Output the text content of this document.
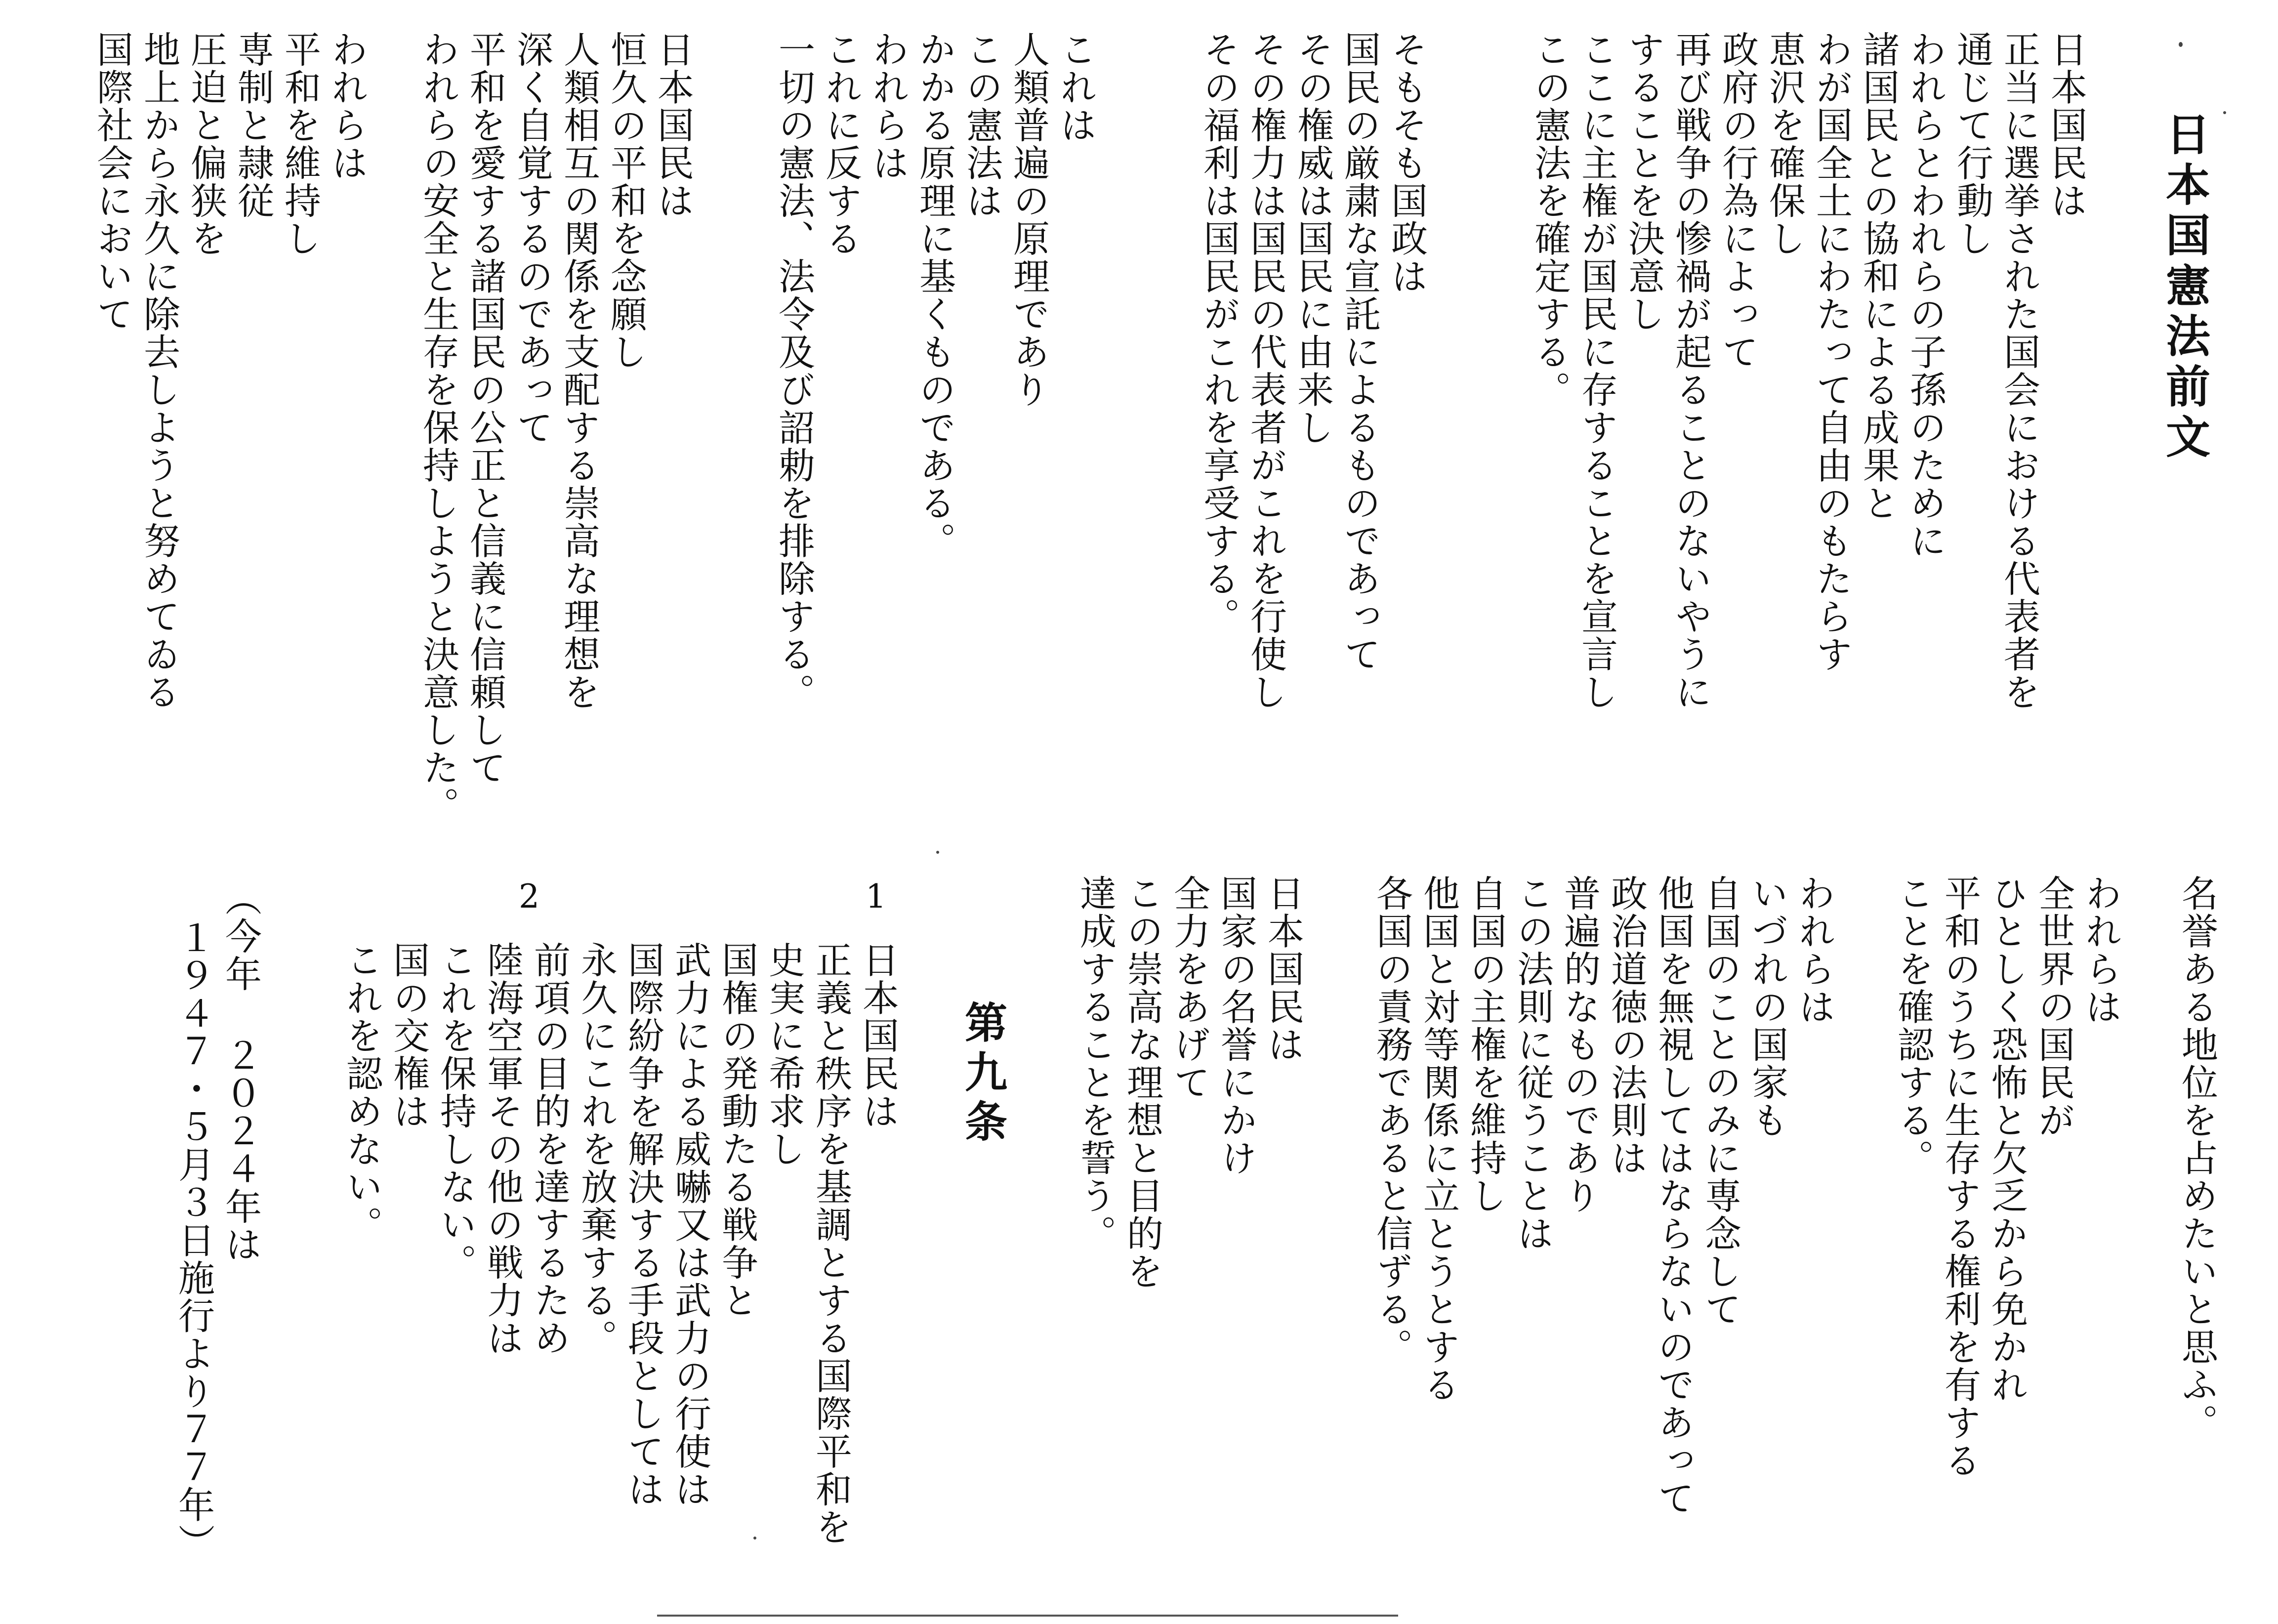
日本国憲法前文
日本国民は
正当に選挙された国会における代表者を
通じて行動し
われらとわれらの子孫のために
諸国民との協和による成果と
わが国全土にわたって自由のもたらす
恵沢を確保し
政府の行為によって
再び戦争の惨禍が起ることのないやうに
することを決意し
ここに主権が国民に存することを宣言し
この憲法を確定する。
そもそも国政は
国民の厳粛な宣託によるものであって
その権威は国民に由来し
その権力は国民の代表者がこれを行使し
その福利は国民がこれを享受する。
これは
人類普遍の原理であり
この憲法は
かかる原理に基くものである。
われらは
これに反する
一切の憲法、法令及び詔勅を排除する。
日本国民は
恒久の平和を念願し
人類相互の関係を支配する崇高な理想を
深く自覚するのであって
平和を愛する諸国民の公正と信義に信頼して
われらの安全と生存を保持しようと決意した。
われらは
平和を維持し
専制と隷従
圧迫と偏狭を
地上から永久に除去しようと努めてゐる
国際社会において
名誉ある地位を占めたいと思ふ。
われらは
全世界の国民が
ひとしく恐怖と欠乏から免かれ
平和のうちに生存する権利を有する
ことを確認する。
われらは
いづれの国家も
自国のことのみに専念して
他国を無視してはならないのであって
政治道徳の法則は
普遍的なものであり
この法則に従うことは
自国の主権を維持し
他国と対等関係に立とうとする
各国の責務であると信ずる。
日本国民は
国家の名誉にかけ
全力をあげて
この崇高な理想と目的を
達成することを誓う。
第九条
1
日本国民は
正義と秩序を基調とする国際平和を
史実に希求し
国権の発動たる戦争と
武力による威嚇又は武力の行使は
国際紛争を解決する手段としては
永久にこれを放棄する。
2
前項の目的を達するため
陸海空軍その他の戦力は
これを保持しない。
国の交権は
これを認めない。
（今年 ２０２４年は
１９４７・５月３日施行より７７年）
